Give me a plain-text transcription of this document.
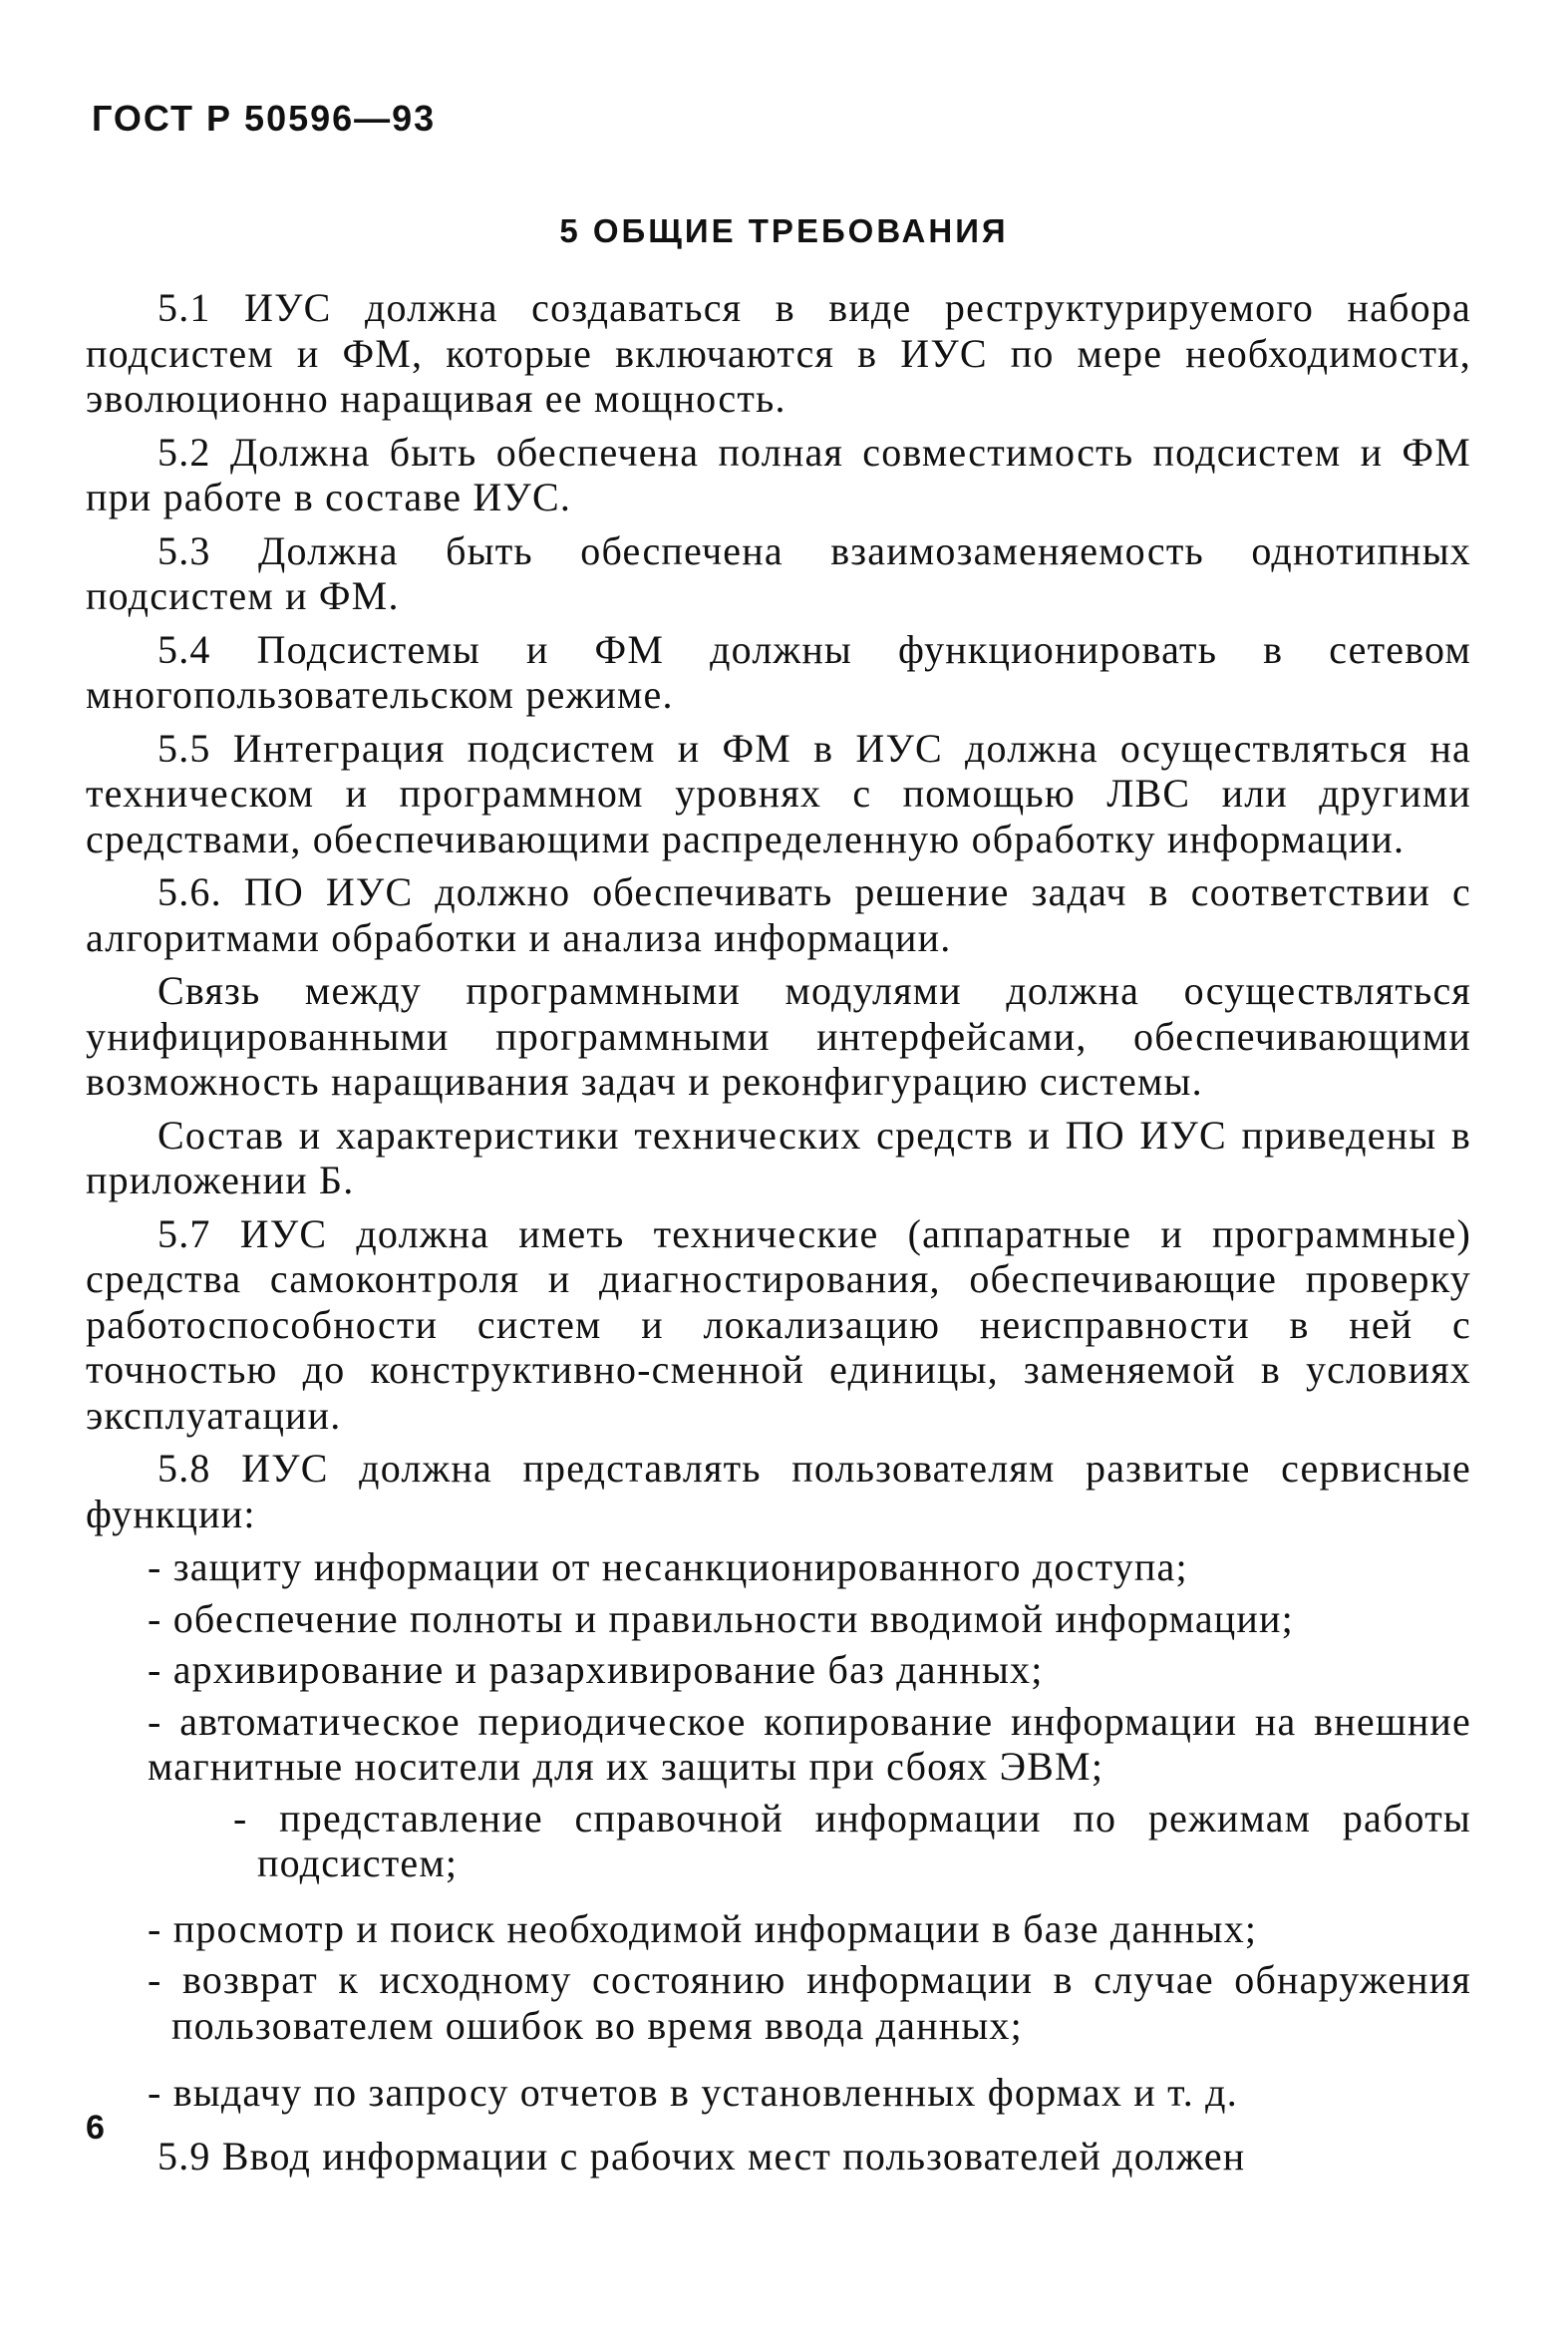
ГОСТ Р 50596—93
5 ОБЩИЕ ТРЕБОВАНИЯ

5.1 ИУС должна создаваться в виде реструктурируемого набора подсистем и ФМ, которые включаются в ИУС по мере необходимости, эволюционно наращивая ее мощность.

5.2 Должна быть обеспечена полная совместимость подсистем и ФМ при работе в составе ИУС.

5.3 Должна быть обеспечена взаимозаменяемость однотипных подсистем и ФМ.

5.4 Подсистемы и ФМ должны функционировать в сетевом многопользовательском режиме.

5.5 Интеграция подсистем и ФМ в ИУС должна осуществляться на техническом и программном уровнях с помощью ЛВС или другими средствами, обеспечивающими распределенную обработку информации.

5.6. ПО ИУС должно обеспечивать решение задач в соответствии с алгоритмами обработки и анализа информации.

Связь между программными модулями должна осуществляться унифицированными программными интерфейсами, обеспечивающими возможность наращивания задач и реконфигурацию системы.

Состав и характеристики технических средств и ПО ИУС приведены в приложении Б.

5.7 ИУС должна иметь технические (аппаратные и программные) средства самоконтроля и диагностирования, обеспечивающие проверку работоспособности систем и локализацию неисправности в ней с точностью до конструктивно-сменной единицы, заменяемой в условиях эксплуатации.

5.8 ИУС должна представлять пользователям развитые сервисные функции:

- защиту информации от несанкционированного доступа;
- обеспечение полноты и правильности вводимой информации;
- архивирование и разархивирование баз данных;
- автоматическое периодическое копирование информации на внешние магнитные носители для их защиты при сбоях ЭВМ;
- представление справочной информации по режимам работы подсистем;
- просмотр и поиск необходимой информации в базе данных;
- возврат к исходному состоянию информации в случае обнаружения пользователем ошибок во время ввода данных;
- выдачу по запросу отчетов в установленных формах и т. д.

5.9 Ввод информации с рабочих мест пользователей должен

6
